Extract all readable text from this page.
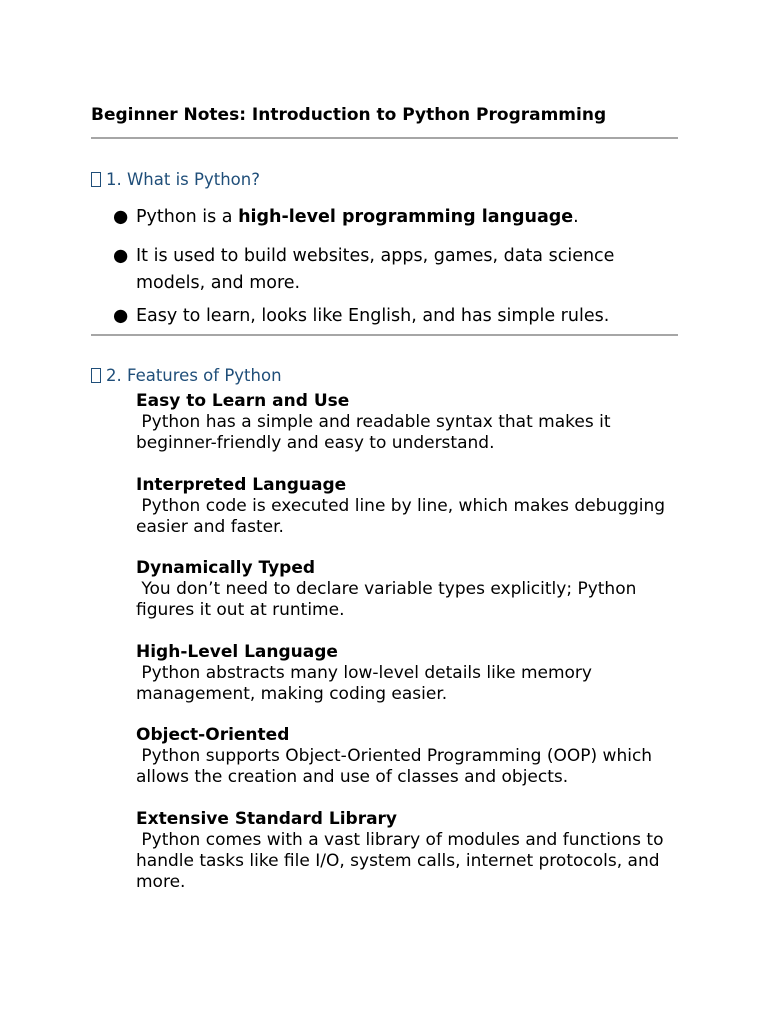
Beginner Notes: Introduction to Python Programming
1. What is Python?
● Python is a high-level programming language.
● It is used to build websites, apps, games, data science models, and more.
● Easy to learn, looks like English, and has simple rules.
2. Features of Python
Easy to Learn and Use
Python has a simple and readable syntax that makes it beginner-friendly and easy to understand.
Interpreted Language
Python code is executed line by line, which makes debugging easier and faster.
Dynamically Typed
You don’t need to declare variable types explicitly; Python figures it out at runtime.
High-Level Language
Python abstracts many low-level details like memory management, making coding easier.
Object-Oriented
Python supports Object-Oriented Programming (OOP) which allows the creation and use of classes and objects.
Extensive Standard Library
Python comes with a vast library of modules and functions to handle tasks like file I/O, system calls, internet protocols, and more.
